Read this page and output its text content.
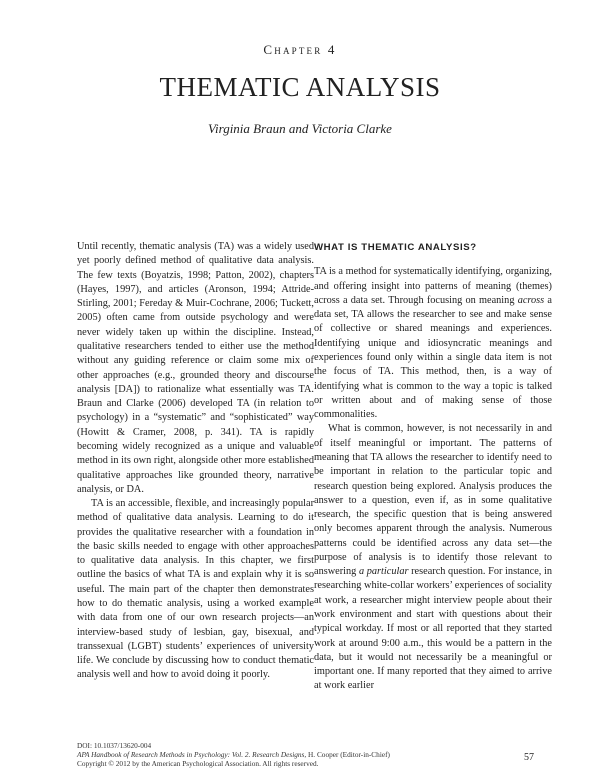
Chapter 4
THEMATIC ANALYSIS
Virginia Braun and Victoria Clarke

Until recently, thematic analysis (TA) was a widely used yet poorly defined method of qualitative data analysis. The few texts (Boyatzis, 1998; Patton, 2002), chapters (Hayes, 1997), and articles (Aronson, 1994; Attride-Stirling, 2001; Fereday & Muir-Cochrane, 2006; Tuckett, 2005) often came from outside psychology and were never widely taken up within the discipline. Instead, qualitative researchers tended to either use the method without any guiding reference or claim some mix of other approaches (e.g., grounded theory and discourse analysis [DA]) to rationalize what essentially was TA. Braun and Clarke (2006) developed TA (in relation to psychology) in a “systematic” and “sophisticated” way (Howitt & Cramer, 2008, p. 341). TA is rapidly becoming widely recognized as a unique and valuable method in its own right, alongside other more established qualitative approaches like grounded theory, narrative analysis, or DA.

TA is an accessible, flexible, and increasingly popular method of qualitative data analysis. Learning to do it provides the qualitative researcher with a foundation in the basic skills needed to engage with other approaches to qualitative data analysis. In this chapter, we first outline the basics of what TA is and explain why it is so useful. The main part of the chapter then demonstrates how to do thematic analysis, using a worked example with data from one of our own research projects—an interview-based study of lesbian, gay, bisexual, and transsexual (LGBT) students’ experiences of university life. We conclude by discussing how to conduct thematic analysis well and how to avoid doing it poorly.

WHAT IS THEMATIC ANALYSIS?

TA is a method for systematically identifying, organizing, and offering insight into patterns of meaning (themes) across a data set. Through focusing on meaning across a data set, TA allows the researcher to see and make sense of collective or shared meanings and experiences. Identifying unique and idiosyncratic meanings and experiences found only within a single data item is not the focus of TA. This method, then, is a way of identifying what is common to the way a topic is talked or written about and of making sense of those commonalities.

What is common, however, is not necessarily in and of itself meaningful or important. The patterns of meaning that TA allows the researcher to identify need to be important in relation to the particular topic and research question being explored. Analysis produces the answer to a question, even if, as in some qualitative research, the specific question that is being answered only becomes apparent through the analysis. Numerous patterns could be identified across any data set—the purpose of analysis is to identify those relevant to answering a particular research question. For instance, in researching white-collar workers’ experiences of sociality at work, a researcher might interview people about their work environment and start with questions about their typical workday. If most or all reported that they started work at around 9:00 a.m., this would be a pattern in the data, but it would not necessarily be a meaningful or important one. If many reported that they aimed to arrive at work earlier

DOI: 10.1037/13620-004
APA Handbook of Research Methods in Psychology: Vol. 2. Research Designs, H. Cooper (Editor-in-Chief)
Copyright © 2012 by the American Psychological Association. All rights reserved.
57
